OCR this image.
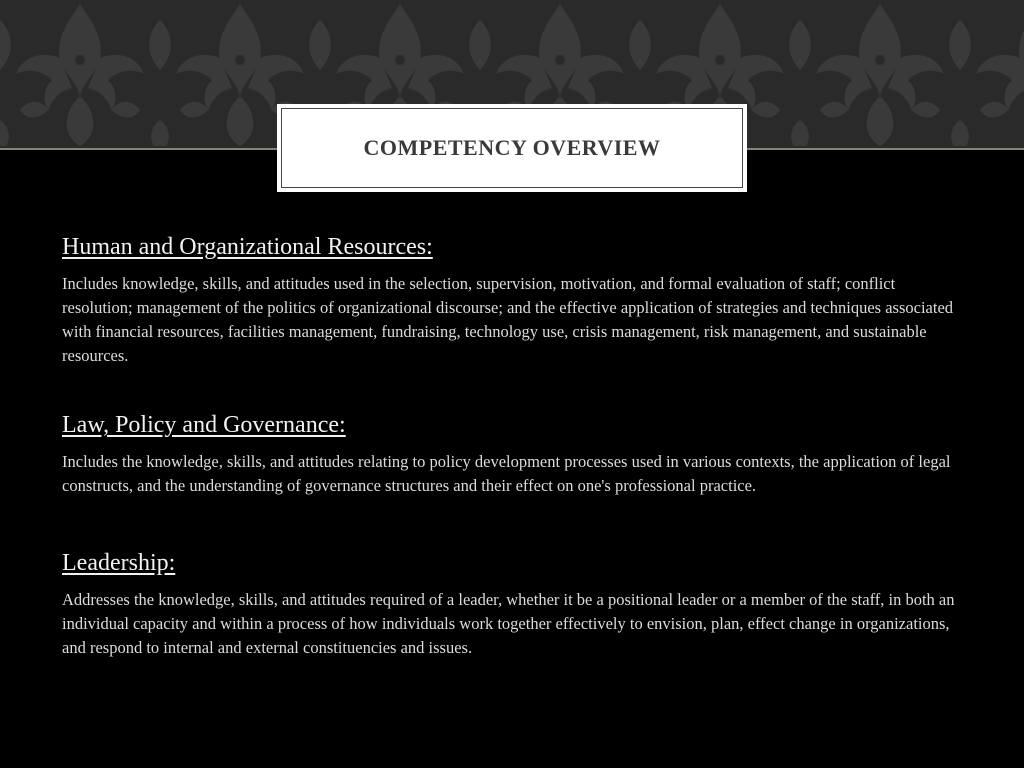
COMPETENCY OVERVIEW
Human and Organizational Resources:

Includes knowledge, skills, and attitudes used in the selection, supervision, motivation, and formal evaluation of staff; conflict resolution; management of the politics of organizational discourse; and the effective application of strategies and techniques associated with financial resources, facilities management, fundraising, technology use, crisis management, risk management, and sustainable resources.

Law, Policy and Governance:

Includes the knowledge, skills, and attitudes relating to policy development processes used in various contexts, the application of legal constructs, and the understanding of governance structures and their effect on one's professional practice.

Leadership:

Addresses the knowledge, skills, and attitudes required of a leader, whether it be a positional leader or a member of the staff, in both an individual capacity and within a process of how individuals work together effectively to envision, plan, effect change in organizations, and respond to internal and external constituencies and issues.
